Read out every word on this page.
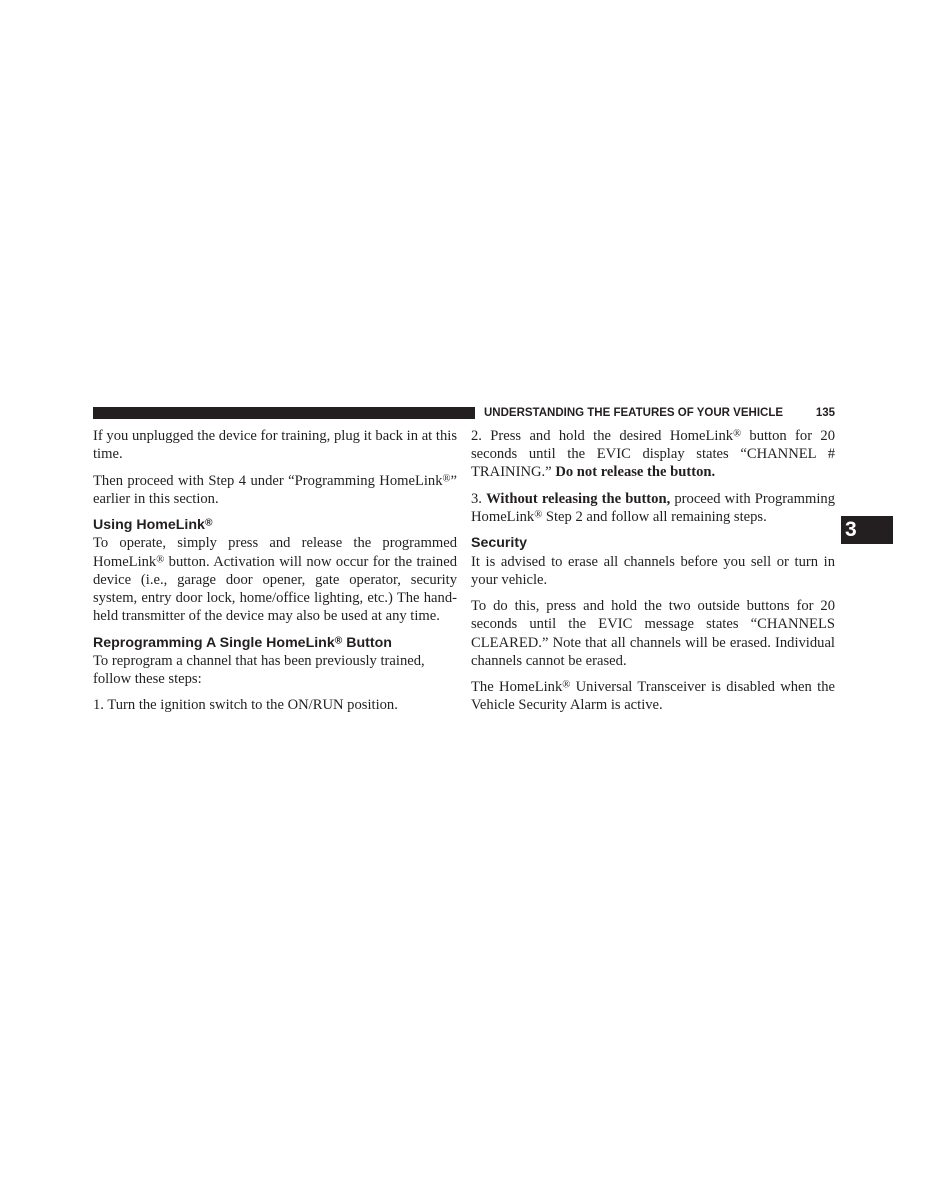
UNDERSTANDING THE FEATURES OF YOUR VEHICLE	135
3

If you unplugged the device for training, plug it back in at this time.

Then proceed with Step 4 under “Programming HomeLink®” earlier in this section.

Using HomeLink®

To operate, simply press and release the programmed HomeLink® button. Activation will now occur for the trained device (i.e., garage door opener, gate operator, security system, entry door lock, home/office lighting, etc.) The hand-held transmitter of the device may also be used at any time.

Reprogramming A Single HomeLink® Button

To reprogram a channel that has been previously trained, follow these steps:

1. Turn the ignition switch to the ON/RUN position.

2. Press and hold the desired HomeLink® button for 20 seconds until the EVIC display states “CHANNEL # TRAINING.” Do not release the button.

3. Without releasing the button, proceed with Programming HomeLink® Step 2 and follow all remaining steps.

Security

It is advised to erase all channels before you sell or turn in your vehicle.

To do this, press and hold the two outside buttons for 20 seconds until the EVIC message states “CHANNELS CLEARED.” Note that all channels will be erased. Individual channels cannot be erased.

The HomeLink® Universal Transceiver is disabled when the Vehicle Security Alarm is active.
